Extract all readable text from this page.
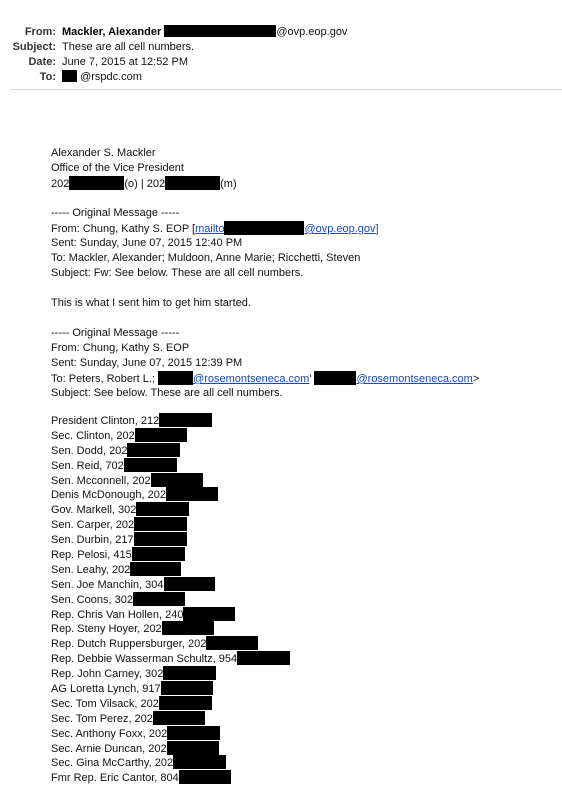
From: Mackler, Alexander	@ovp.eop.gov
Subject: These are all cell numbers.
Date: June 7, 2015 at 12:52 PM
To:	@rspdc.com
Alexander S. Mackler
Office of the Vice President
202	(o) | 202	(m)
----- Original Message -----
From: Chung, Kathy S. EOP [mailto	@ovp.eop.gov]
Sent: Sunday, June 07, 2015 12:40 PM
To: Mackler, Alexander; Muldoon, Anne Marie; Ricchetti, Steven
Subject: Fw: See below. These are all cell numbers.
This is what I sent him to get him started.
----- Original Message -----
From: Chung, Kathy S. EOP
Sent: Sunday, June 07, 2015 12:39 PM
To: Peters, Robert L.;	@rosemontseneca.com'	@rosemontseneca.com>
Subject: See below. These are all cell numbers.
President Clinton, 212
Sec. Clinton, 202
Sen. Dodd, 202
Sen. Reid, 702
Sen. Mcconnell, 202
Denis McDonough, 202
Gov. Markell, 302
Sen. Carper, 202
Sen. Durbin, 217
Rep. Pelosi, 415
Sen. Leahy, 202
Sen. Joe Manchin, 304
Sen. Coons, 302
Rep. Chris Van Hollen, 240
Rep. Steny Hoyer, 202
Rep. Dutch Ruppersburger, 202
Rep. Debbie Wasserman Schultz, 954
Rep. John Carney, 302
AG Loretta Lynch, 917
Sec. Tom Vilsack, 202
Sec. Tom Perez, 202
Sec. Anthony Foxx, 202
Sec. Arnie Duncan, 202
Sec. Gina McCarthy, 202
Fmr Rep. Eric Cantor, 804
